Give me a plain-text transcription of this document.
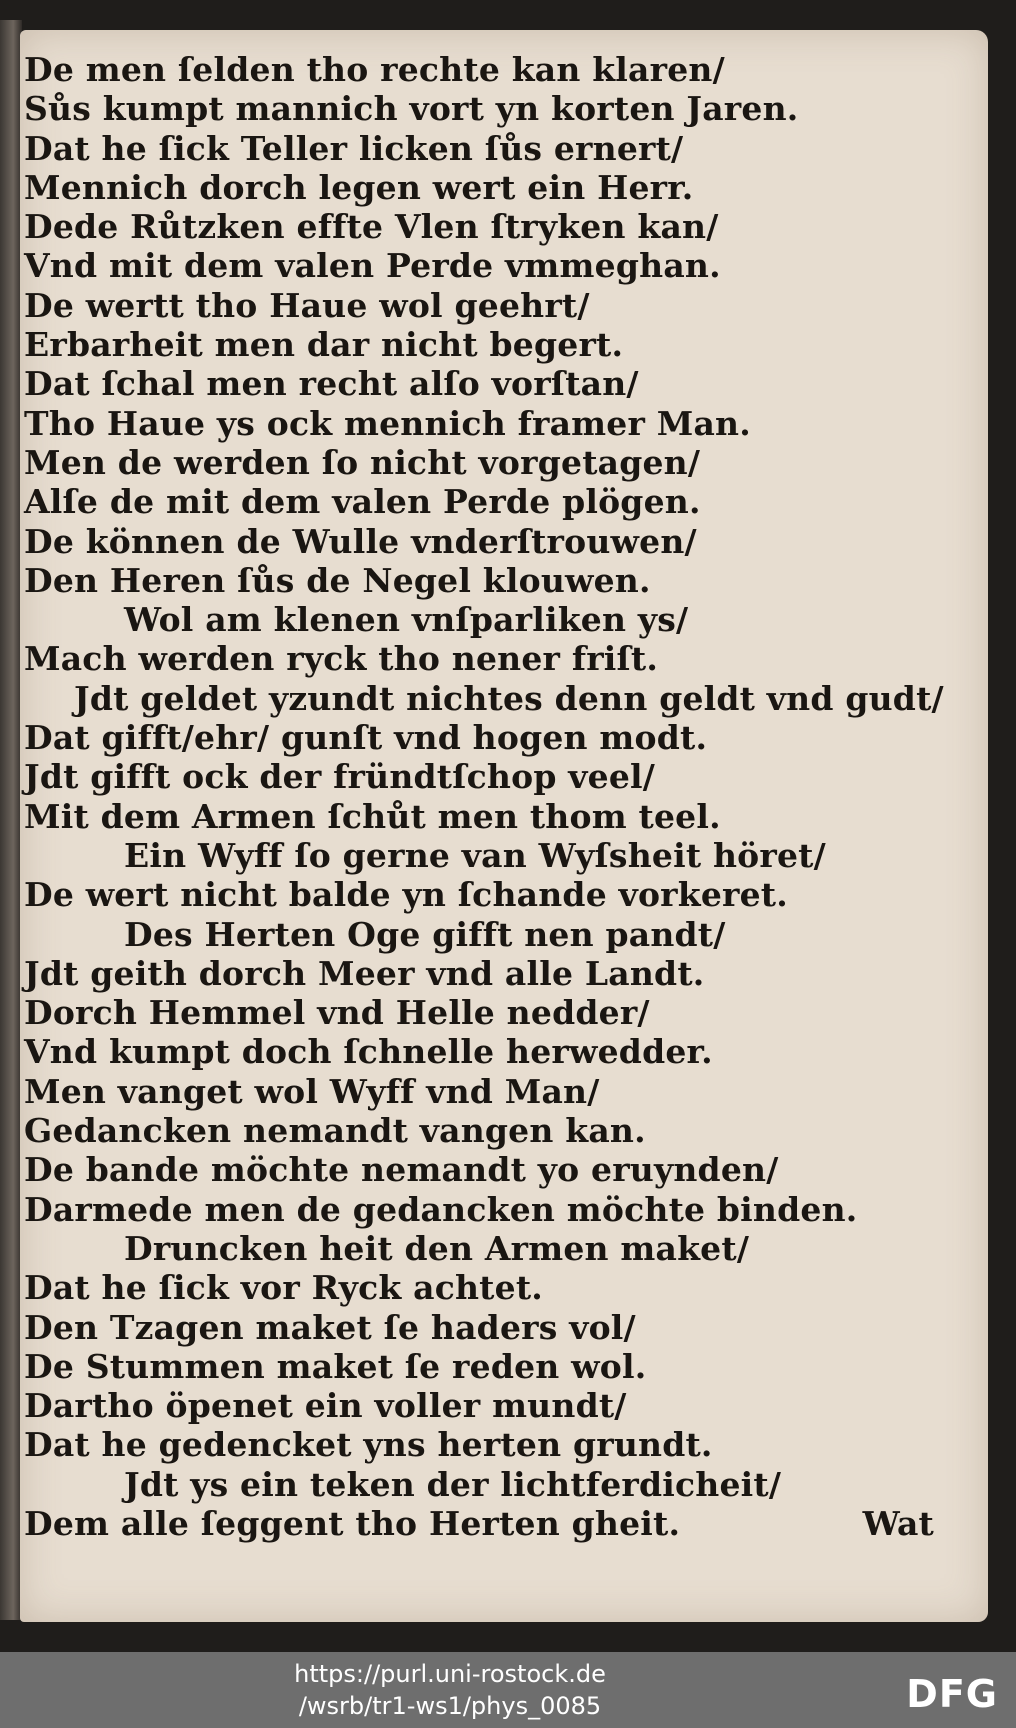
De men ſelden tho rechte kan klaren/
Sůs kumpt mannich vort yn korten Jaren.
Dat he ſick Teller licken ſůs ernert/
Mennich dorch legen wert ein Herr.
Dede Růtzken effte Vlen ſtryken kan/
Vnd mit dem valen Perde vmmeghan.
De wertt tho Haue wol geehrt/
Erbarheit men dar nicht begert.
Dat ſchal men recht alſo vorſtan/
Tho Haue ys ock mennich framer Man.
Men de werden ſo nicht vorgetagen/
Alſe de mit dem valen Perde plögen.
De können de Wulle vnderſtrouwen/
Den Heren ſůs de Negel klouwen.
Wol am klenen vnſparliken ys/
Mach werden ryck tho nener friſt.
Jdt geldet yzundt nichtes denn geldt vnd gudt/
Dat gifft/ehr/ gunſt vnd hogen modt.
Jdt gifft ock der fründtſchop veel/
Mit dem Armen ſchůt men thom teel.
Ein Wyff ſo gerne van Wyſsheit höret/
De wert nicht balde yn ſchande vorkeret.
Des Herten Oge gifft nen pandt/
Jdt geith dorch Meer vnd alle Landt.
Dorch Hemmel vnd Helle nedder/
Vnd kumpt doch ſchnelle herwedder.
Men vanget wol Wyff vnd Man/
Gedancken nemandt vangen kan.
De bande möchte nemandt yo eruynden/
Darmede men de gedancken möchte binden.
Druncken heit den Armen maket/
Dat he ſick vor Ryck achtet.
Den Tzagen maket ſe haders vol/
De Stummen maket ſe reden wol.
Dartho öpenet ein voller mundt/
Dat he gedencket yns herten grundt.
Jdt ys ein teken der lichtferdicheit/
Dem alle ſeggent tho Herten gheit.	Wat
https://purl.uni-rostock.de
/wsrb/tr1-ws1/phys_0085	DFG
